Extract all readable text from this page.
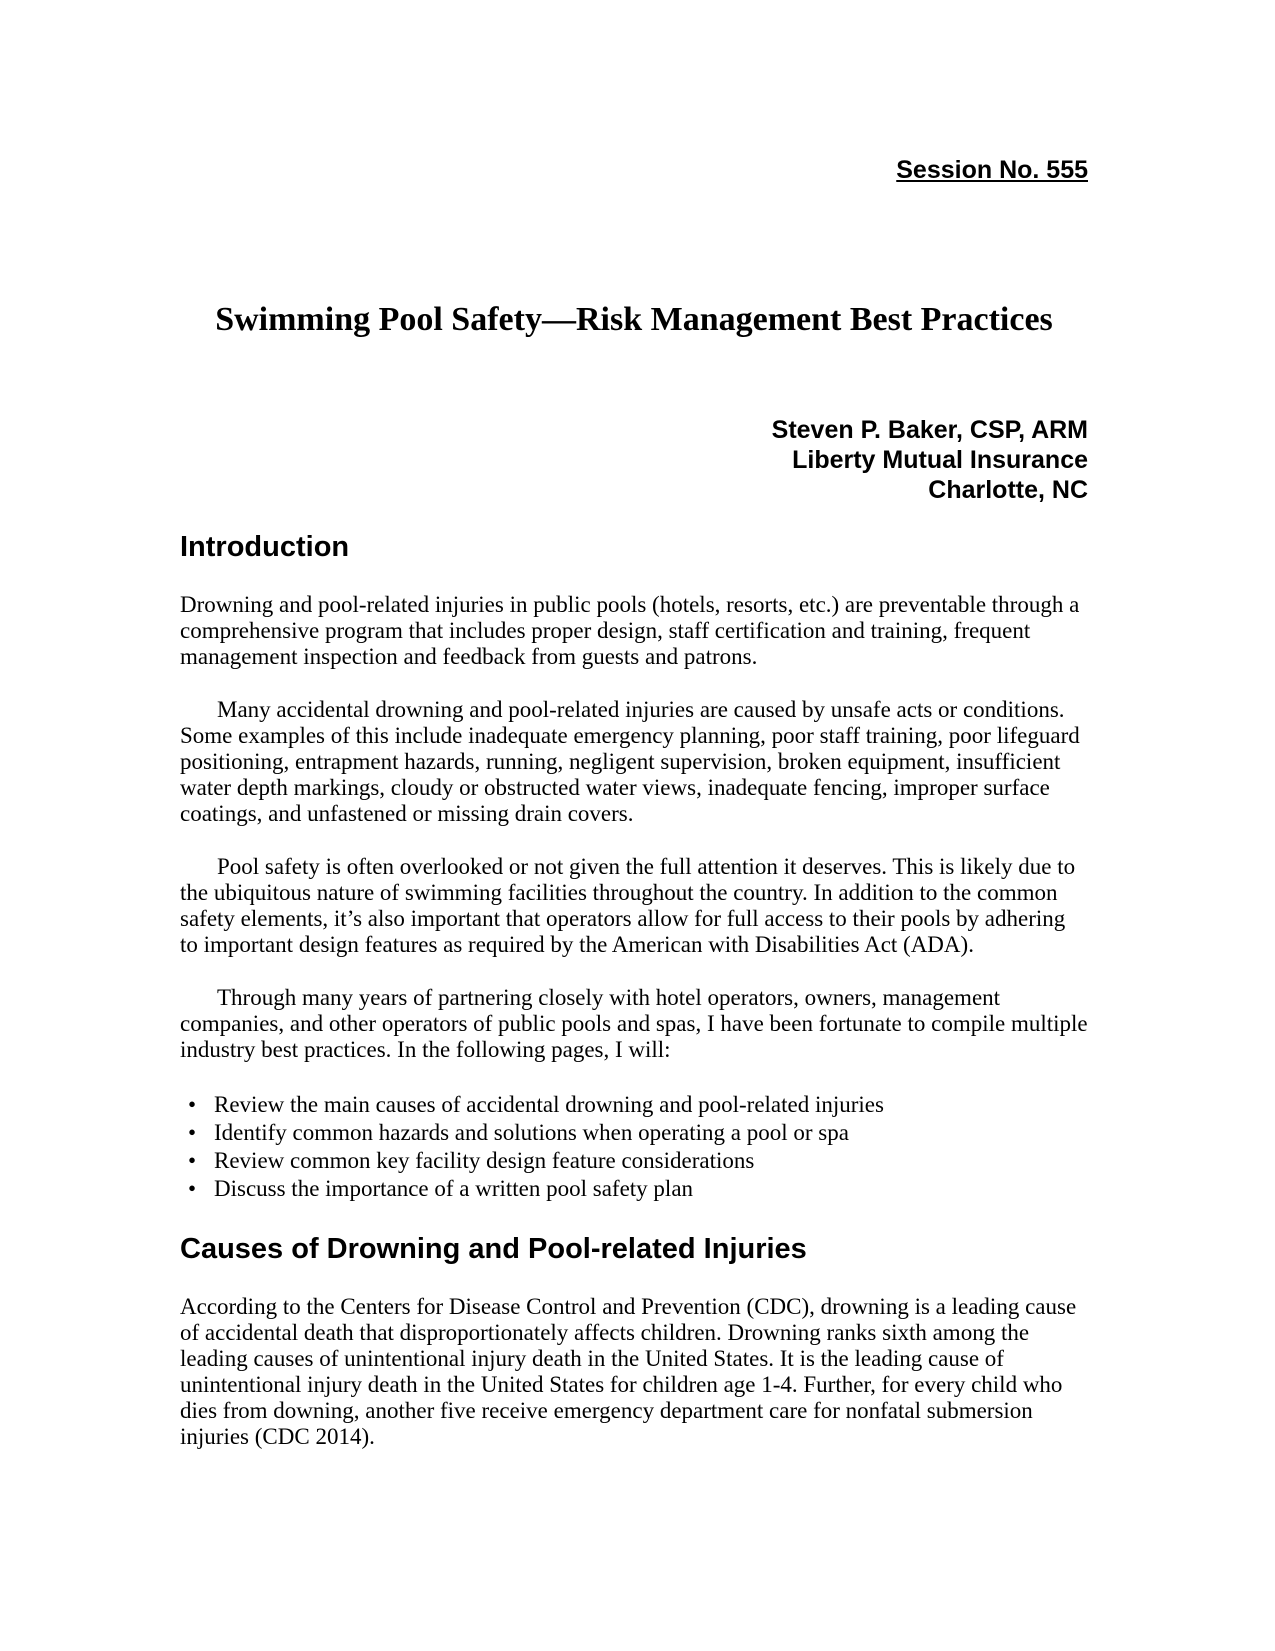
Session No. 555
Swimming Pool Safety—Risk Management Best Practices
Steven P. Baker, CSP, ARM
Liberty Mutual Insurance
Charlotte, NC
Introduction

Drowning and pool-related injuries in public pools (hotels, resorts, etc.) are preventable through a comprehensive program that includes proper design, staff certification and training, frequent management inspection and feedback from guests and patrons.

Many accidental drowning and pool-related injuries are caused by unsafe acts or conditions. Some examples of this include inadequate emergency planning, poor staff training, poor lifeguard positioning, entrapment hazards, running, negligent supervision, broken equipment, insufficient water depth markings, cloudy or obstructed water views, inadequate fencing, improper surface coatings, and unfastened or missing drain covers.

Pool safety is often overlooked or not given the full attention it deserves. This is likely due to the ubiquitous nature of swimming facilities throughout the country. In addition to the common safety elements, it’s also important that operators allow for full access to their pools by adhering to important design features as required by the American with Disabilities Act (ADA).

Through many years of partnering closely with hotel operators, owners, management companies, and other operators of public pools and spas, I have been fortunate to compile multiple industry best practices. In the following pages, I will:

• Review the main causes of accidental drowning and pool-related injuries
• Identify common hazards and solutions when operating a pool or spa
• Review common key facility design feature considerations
• Discuss the importance of a written pool safety plan
Causes of Drowning and Pool-related Injuries

According to the Centers for Disease Control and Prevention (CDC), drowning is a leading cause of accidental death that disproportionately affects children. Drowning ranks sixth among the leading causes of unintentional injury death in the United States. It is the leading cause of unintentional injury death in the United States for children age 1-4. Further, for every child who dies from downing, another five receive emergency department care for nonfatal submersion injuries (CDC 2014).
